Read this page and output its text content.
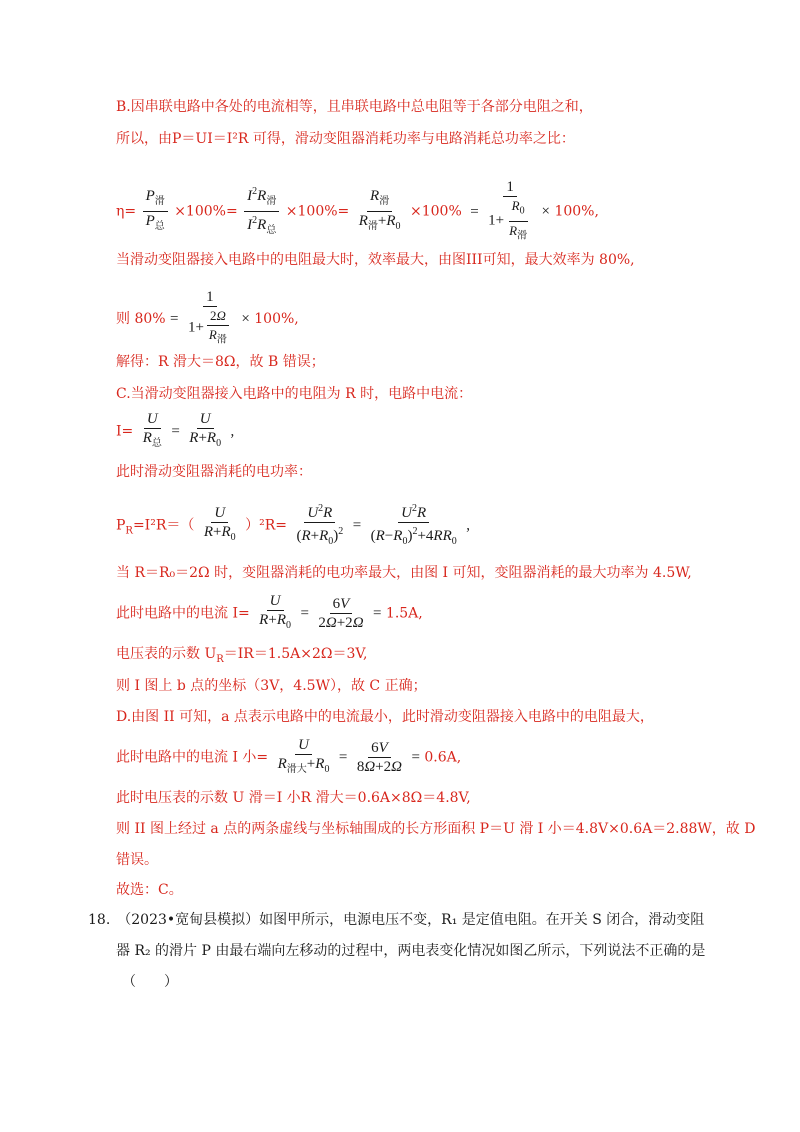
B.因串联电路中各处的电流相等，且串联电路中总电阻等于各部分电阻之和，
所以，由P＝UI＝I²R 可得，滑动变阻器消耗功率与电路消耗总功率之比：
$\eta= \frac{P_滑}{P_总} \times 100\%= \frac{I^2R_滑}{I^2R_总} \times 100\%= \frac{R_滑}{R_滑+R_0} \times 100\% = \frac{1}{1+ \frac{R_0}{R_滑}} \times 100\%$,
当滑动变阻器接入电路中的电阻最大时，效率最大，由图III可知，最大效率为 80%,
则 $80\% = \frac{1}{1+ \frac{2\Omega}{R_滑}} \times 100\%$,
解得：R 滑大＝8Ω，故 B 错误；
C.当滑动变阻器接入电路中的电阻为 R 时，电路中电流：
$I= \frac{U}{R_总} = \frac{U}{R+R_0}$ ,
此时滑动变阻器消耗的电功率：
$P_R=I^2R=( \frac{U}{R+R_0} )^2R= \frac{U^2R}{(R+R_0)^2} = \frac{U^2R}{(R-R_0)^2+4RR_0}$ ,
当 R＝R₀＝2Ω 时，变阻器消耗的电功率最大，由图 I 可知，变阻器消耗的最大功率为 4.5W,
此时电路中的电流 $I= \frac{U}{R+R_0} = \frac{6V}{2\Omega+2\Omega} = 1.5A$,
电压表的示数 $U_R=IR=1.5A\times 2\Omega=3V$,
则 I 图上 b 点的坐标（3V，4.5W），故 C 正确；
D.由图 II 可知，a 点表示电路中的电流最小，此时滑动变阻器接入电路中的电阻最大，
此时电路中的电流 I 小= $\frac{U}{R_{滑大}+R_0} = \frac{6V}{8\Omega+2\Omega} = 0.6A$,
此时电压表的示数 U 滑＝I 小R 滑大＝0.6A×8Ω＝4.8V,
则 II 图上经过 a 点的两条虚线与坐标轴围成的长方形面积 P＝U 滑 I 小＝4.8V×0.6A＝2.88W，故 D
错误。
故选：C。
18.　（2023•宽甸县模拟）如图甲所示，电源电压不变，R₁ 是定值电阻。在开关 S 闭合，滑动变阻
器 R₂ 的滑片 P 由最右端向左移动的过程中，两电表变化情况如图乙所示，下列说法不正确的是
（　　）
